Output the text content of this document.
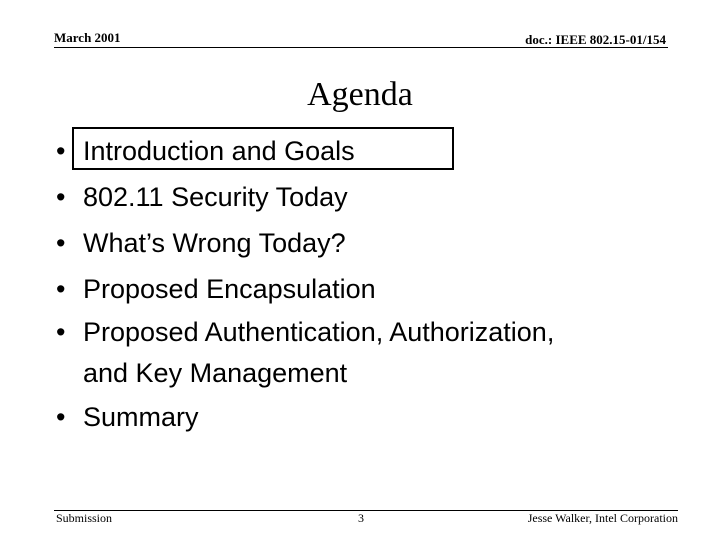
March 2001	doc.: IEEE 802.15-01/154
Agenda
• Introduction and Goals
• 802.11 Security Today
• What’s Wrong Today?
• Proposed Encapsulation
• Proposed Authentication, Authorization,
and Key Management
• Summary
Submission	3	Jesse Walker, Intel Corporation
